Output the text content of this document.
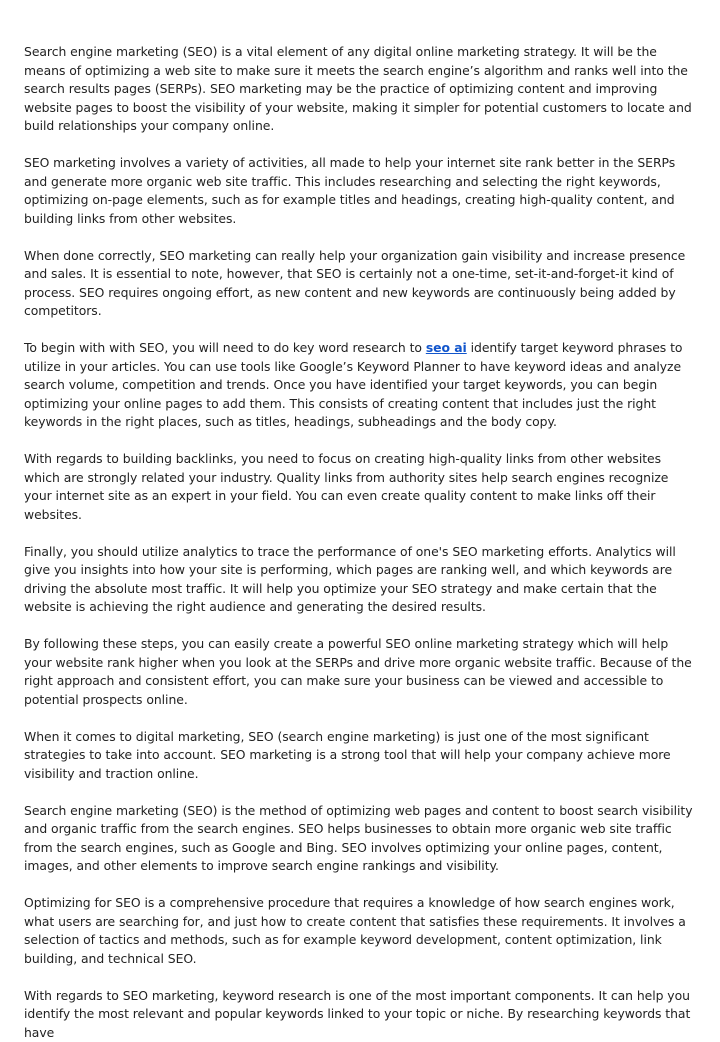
Search engine marketing (SEO) is a vital element of any digital online marketing strategy. It will be the means of optimizing a web site to make sure it meets the search engine’s algorithm and ranks well into the search results pages (SERPs). SEO marketing may be the practice of optimizing content and improving website pages to boost the visibility of your website, making it simpler for potential customers to locate and build relationships your company online.

SEO marketing involves a variety of activities, all made to help your internet site rank better in the SERPs and generate more organic web site traffic. This includes researching and selecting the right keywords, optimizing on-page elements, such as for example titles and headings, creating high-quality content, and building links from other websites.

When done correctly, SEO marketing can really help your organization gain visibility and increase presence and sales. It is essential to note, however, that SEO is certainly not a one-time, set-it-and-forget-it kind of process. SEO requires ongoing effort, as new content and new keywords are continuously being added by competitors.

To begin with with SEO, you will need to do key word research to seo ai identify target keyword phrases to utilize in your articles. You can use tools like Google’s Keyword Planner to have keyword ideas and analyze search volume, competition and trends. Once you have identified your target keywords, you can begin optimizing your online pages to add them. This consists of creating content that includes just the right keywords in the right places, such as titles, headings, subheadings and the body copy.

With regards to building backlinks, you need to focus on creating high-quality links from other websites which are strongly related your industry. Quality links from authority sites help search engines recognize your internet site as an expert in your field. You can even create quality content to make links off their websites.

Finally, you should utilize analytics to trace the performance of one's SEO marketing efforts. Analytics will give you insights into how your site is performing, which pages are ranking well, and which keywords are driving the absolute most traffic. It will help you optimize your SEO strategy and make certain that the website is achieving the right audience and generating the desired results.

By following these steps, you can easily create a powerful SEO online marketing strategy which will help your website rank higher when you look at the SERPs and drive more organic website traffic. Because of the right approach and consistent effort, you can make sure your business can be viewed and accessible to potential prospects online.

When it comes to digital marketing, SEO (search engine marketing) is just one of the most significant strategies to take into account. SEO marketing is a strong tool that will help your company achieve more visibility and traction online.

Search engine marketing (SEO) is the method of optimizing web pages and content to boost search visibility and organic traffic from the search engines. SEO helps businesses to obtain more organic web site traffic from the search engines, such as Google and Bing. SEO involves optimizing your online pages, content, images, and other elements to improve search engine rankings and visibility.

Optimizing for SEO is a comprehensive procedure that requires a knowledge of how search engines work, what users are searching for, and just how to create content that satisfies these requirements. It involves a selection of tactics and methods, such as for example keyword development, content optimization, link building, and technical SEO.

With regards to SEO marketing, keyword research is one of the most important components. It can help you identify the most relevant and popular keywords linked to your topic or niche. By researching keywords that have
